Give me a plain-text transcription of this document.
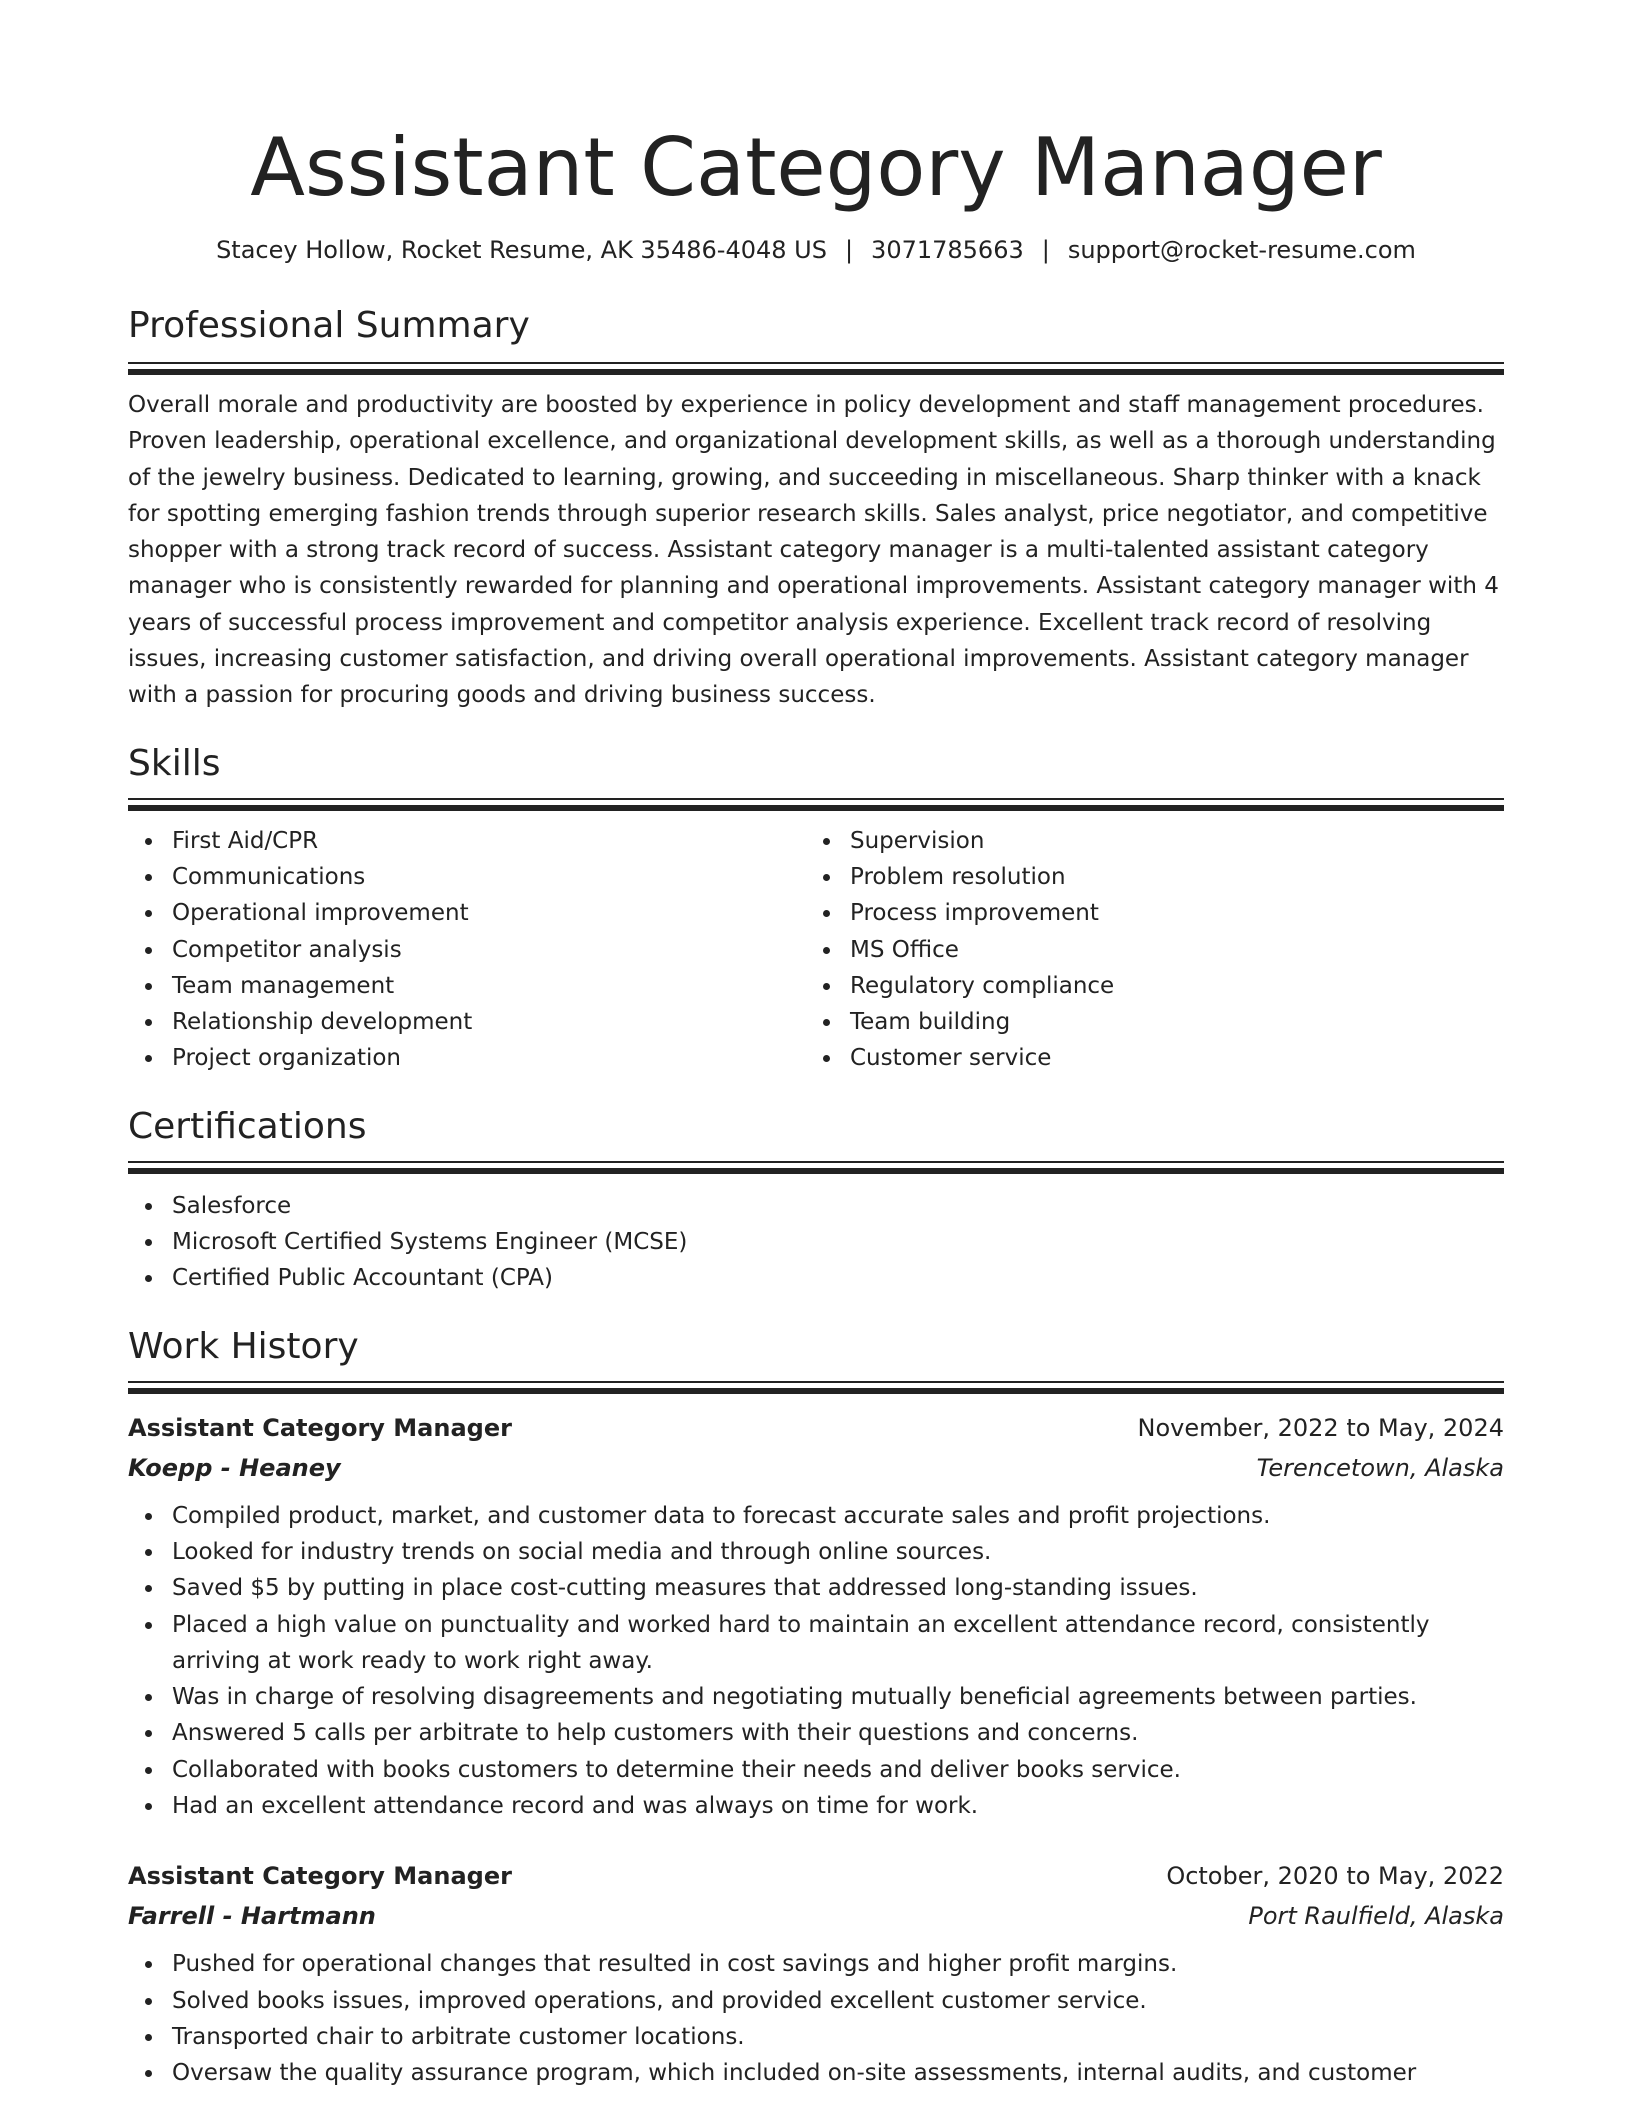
Assistant Category Manager
Stacey Hollow, Rocket Resume, AK 35486-4048 US | 3071785663 | support@rocket-resume.com
Professional Summary

Overall morale and productivity are boosted by experience in policy development and staff management procedures. Proven leadership, operational excellence, and organizational development skills, as well as a thorough understanding of the jewelry business. Dedicated to learning, growing, and succeeding in miscellaneous. Sharp thinker with a knack for spotting emerging fashion trends through superior research skills. Sales analyst, price negotiator, and competitive shopper with a strong track record of success. Assistant category manager is a multi-talented assistant category manager who is consistently rewarded for planning and operational improvements. Assistant category manager with 4 years of successful process improvement and competitor analysis experience. Excellent track record of resolving issues, increasing customer satisfaction, and driving overall operational improvements. Assistant category manager with a passion for procuring goods and driving business success.

Skills
First Aid/CPR
Communications
Operational improvement
Competitor analysis
Team management
Relationship development
Project organization
Supervision
Problem resolution
Process improvement
MS Office
Regulatory compliance
Team building
Customer service
Certifications
Salesforce
Microsoft Certified Systems Engineer (MCSE)
Certified Public Accountant (CPA)
Work History
Assistant Category Manager	November, 2022 to May, 2024
Koepp - Heaney	Terencetown, Alaska
Compiled product, market, and customer data to forecast accurate sales and profit projections.
Looked for industry trends on social media and through online sources.
Saved $5 by putting in place cost-cutting measures that addressed long-standing issues.
Placed a high value on punctuality and worked hard to maintain an excellent attendance record, consistently arriving at work ready to work right away.
Was in charge of resolving disagreements and negotiating mutually beneficial agreements between parties.
Answered 5 calls per arbitrate to help customers with their questions and concerns.
Collaborated with books customers to determine their needs and deliver books service.
Had an excellent attendance record and was always on time for work.
Assistant Category Manager	October, 2020 to May, 2022
Farrell - Hartmann	Port Raulfield, Alaska
Pushed for operational changes that resulted in cost savings and higher profit margins.
Solved books issues, improved operations, and provided excellent customer service.
Transported chair to arbitrate customer locations.
Oversaw the quality assurance program, which included on-site assessments, internal audits, and customer
